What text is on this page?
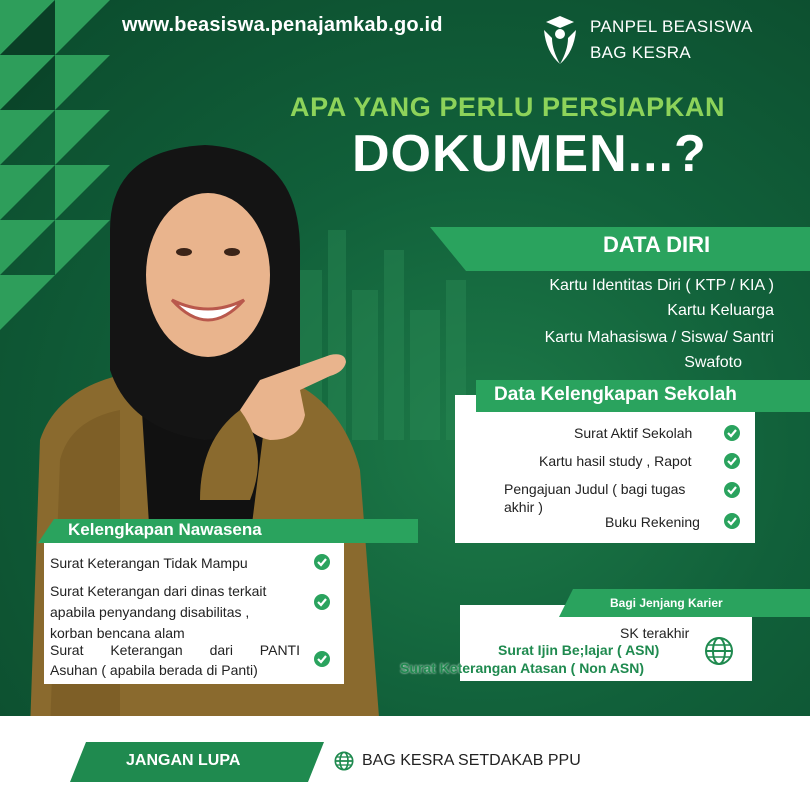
www.beasiswa.penajamkab.go.id	PANPEL BEASISWA
BAG KESRA
APA YANG PERLU PERSIAPKAN
DOKUMEN...?
DATA DIRI
Kartu Identitas Diri ( KTP / KIA )
Kartu Keluarga
Kartu Mahasiswa / Siswa/ Santri
Swafoto
Data Kelengkapan Sekolah
Surat Aktif Sekolah
Kartu hasil study , Rapot
Pengajuan Judul ( bagi tugas
akhir )
Buku Rekening
Kelengkapan Nawasena
Surat Keterangan Tidak Mampu
Surat Keterangan dari dinas terkait
apabila penyandang disabilitas ,
korban bencana alam
Surat Keterangan dari PANTI
Asuhan ( apabila berada di Panti)
Bagi Jenjang Karier
SK terakhir
Surat Ijin Be;lajar ( ASN)
Surat Keterangan Atasan ( Non ASN)
JANGAN LUPA	BAG KESRA SETDAKAB PPU
